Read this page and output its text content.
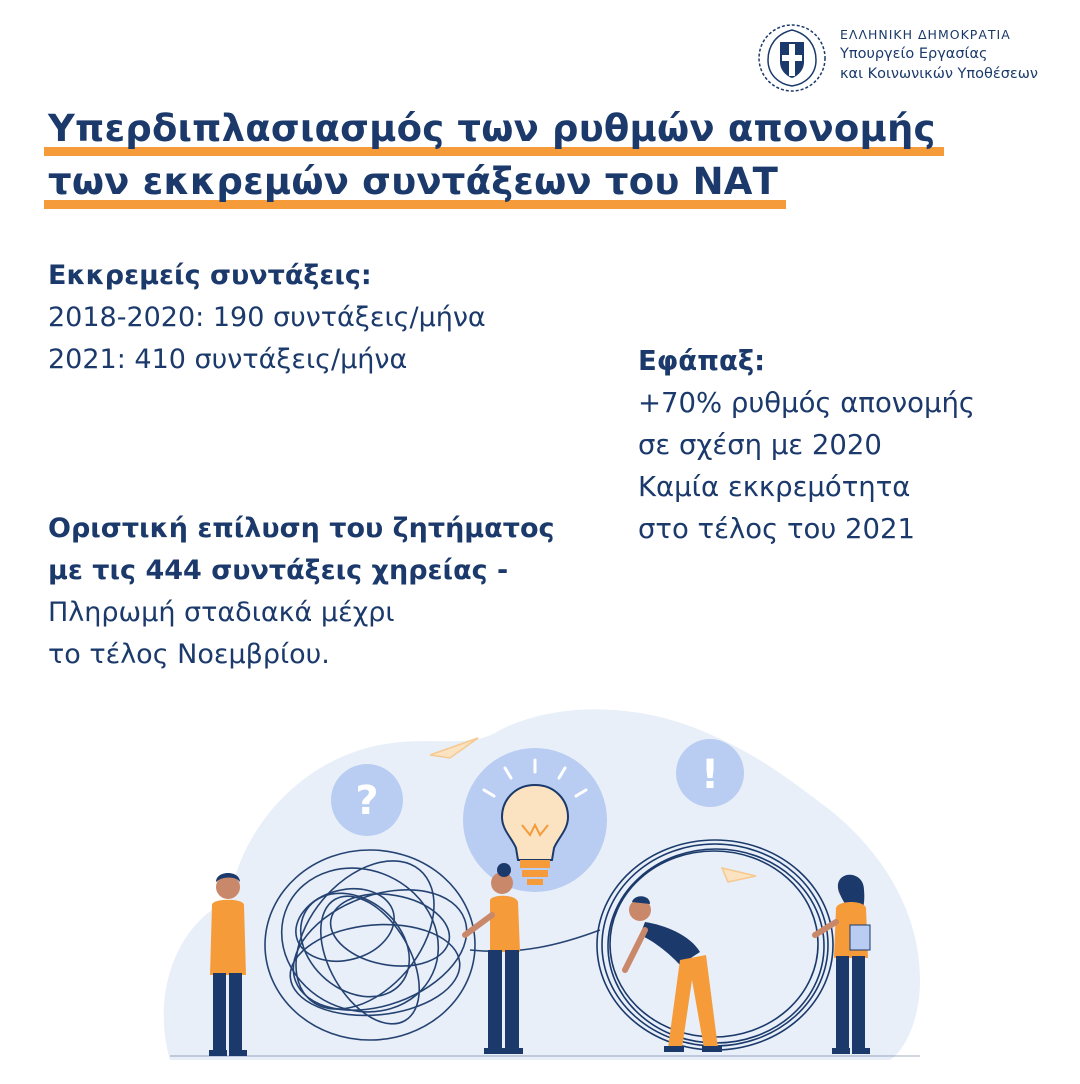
ΕΛΛΗΝΙΚΗ ΔΗΜΟΚΡΑΤΙΑ
Υπουργείο Εργασίας
και Κοινωνικών Υποθέσεων
Υπερδιπλασιασμός των ρυθμών απονομής
των εκκρεμών συντάξεων του ΝΑΤ
Εκκρεμείς συντάξεις:
2018-2020: 190 συντάξεις/μήνα
2021: 410 συντάξεις/μήνα	Εφάπαξ:
+70% ρυθμός απονομής
σε σχέση με 2020
Καμία εκκρεμότητα
στο τέλος του 2021
Οριστική επίλυση του ζητήματος
με τις 444 συντάξεις χηρείας -
Πληρωμή σταδιακά μέχρι
το τέλος Νοεμβρίου.
?
!
